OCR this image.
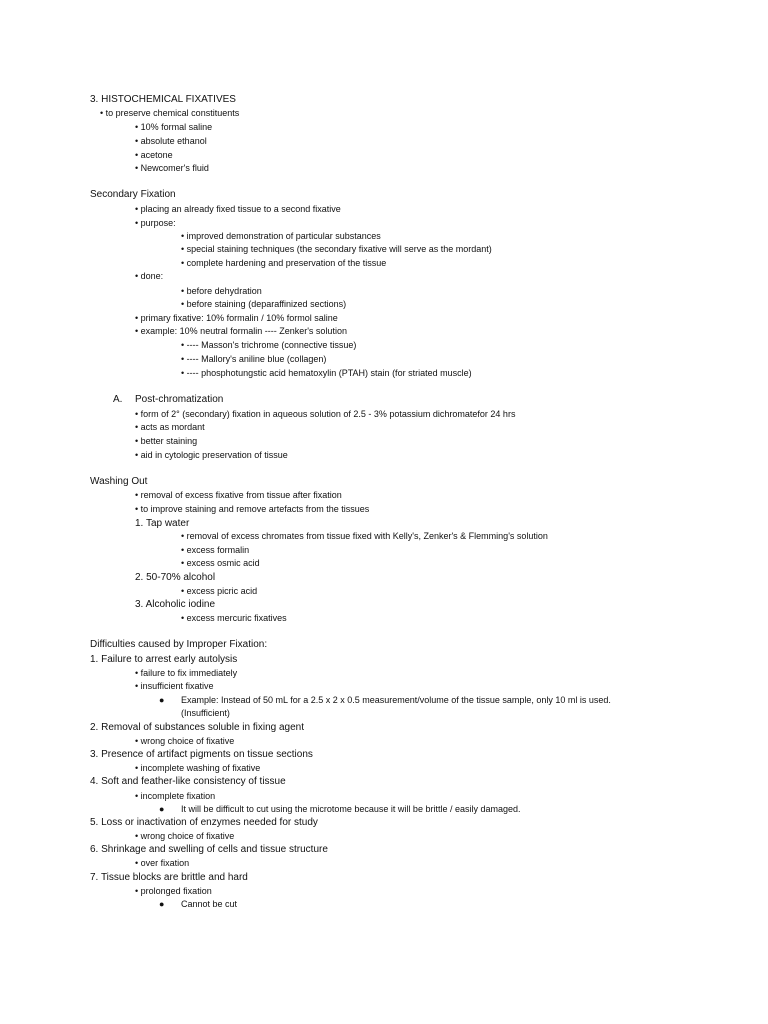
3. HISTOCHEMICAL FIXATIVES
• to preserve chemical constituents
• 10% formal saline
• absolute ethanol
• acetone
• Newcomer's fluid
Secondary Fixation
• placing an already fixed tissue to a second fixative
• purpose:
• improved demonstration of particular substances
• special staining techniques (the secondary fixative will serve as the mordant)
• complete hardening and preservation of the tissue
• done:
• before dehydration
• before staining (deparaffinized sections)
• primary fixative: 10% formalin / 10% formol saline
• example: 10% neutral formalin ---- Zenker's solution
• ---- Masson's trichrome (connective tissue)
• ---- Mallory's aniline blue (collagen)
• ---- phosphotungstic acid hematoxylin (PTAH) stain (for striated muscle)
A. Post-chromatization
• form of 2° (secondary) fixation in aqueous solution of 2.5 - 3% potassium dichromatefor 24 hrs
• acts as mordant
• better staining
• aid in cytologic preservation of tissue
Washing Out
• removal of excess fixative from tissue after fixation
• to improve staining and remove artefacts from the tissues
1. Tap water
• removal of excess chromates from tissue fixed with Kelly's, Zenker's & Flemming's solution
• excess formalin
• excess osmic acid
2. 50-70% alcohol
• excess picric acid
3. Alcoholic iodine
• excess mercuric fixatives
Difficulties caused by Improper Fixation:
1. Failure to arrest early autolysis
• failure to fix immediately
• insufficient fixative
● Example: Instead of 50 mL for a 2.5 x 2 x 0.5 measurement/volume of the tissue sample, only 10 ml is used.
(Insufficient)
2. Removal of substances soluble in fixing agent
• wrong choice of fixative
3. Presence of artifact pigments on tissue sections
• incomplete washing of fixative
4. Soft and feather-like consistency of tissue
• incomplete fixation
● It will be difficult to cut using the microtome because it will be brittle / easily damaged.
5. Loss or inactivation of enzymes needed for study
• wrong choice of fixative
6. Shrinkage and swelling of cells and tissue structure
• over fixation
7. Tissue blocks are brittle and hard
• prolonged fixation
● Cannot be cut
